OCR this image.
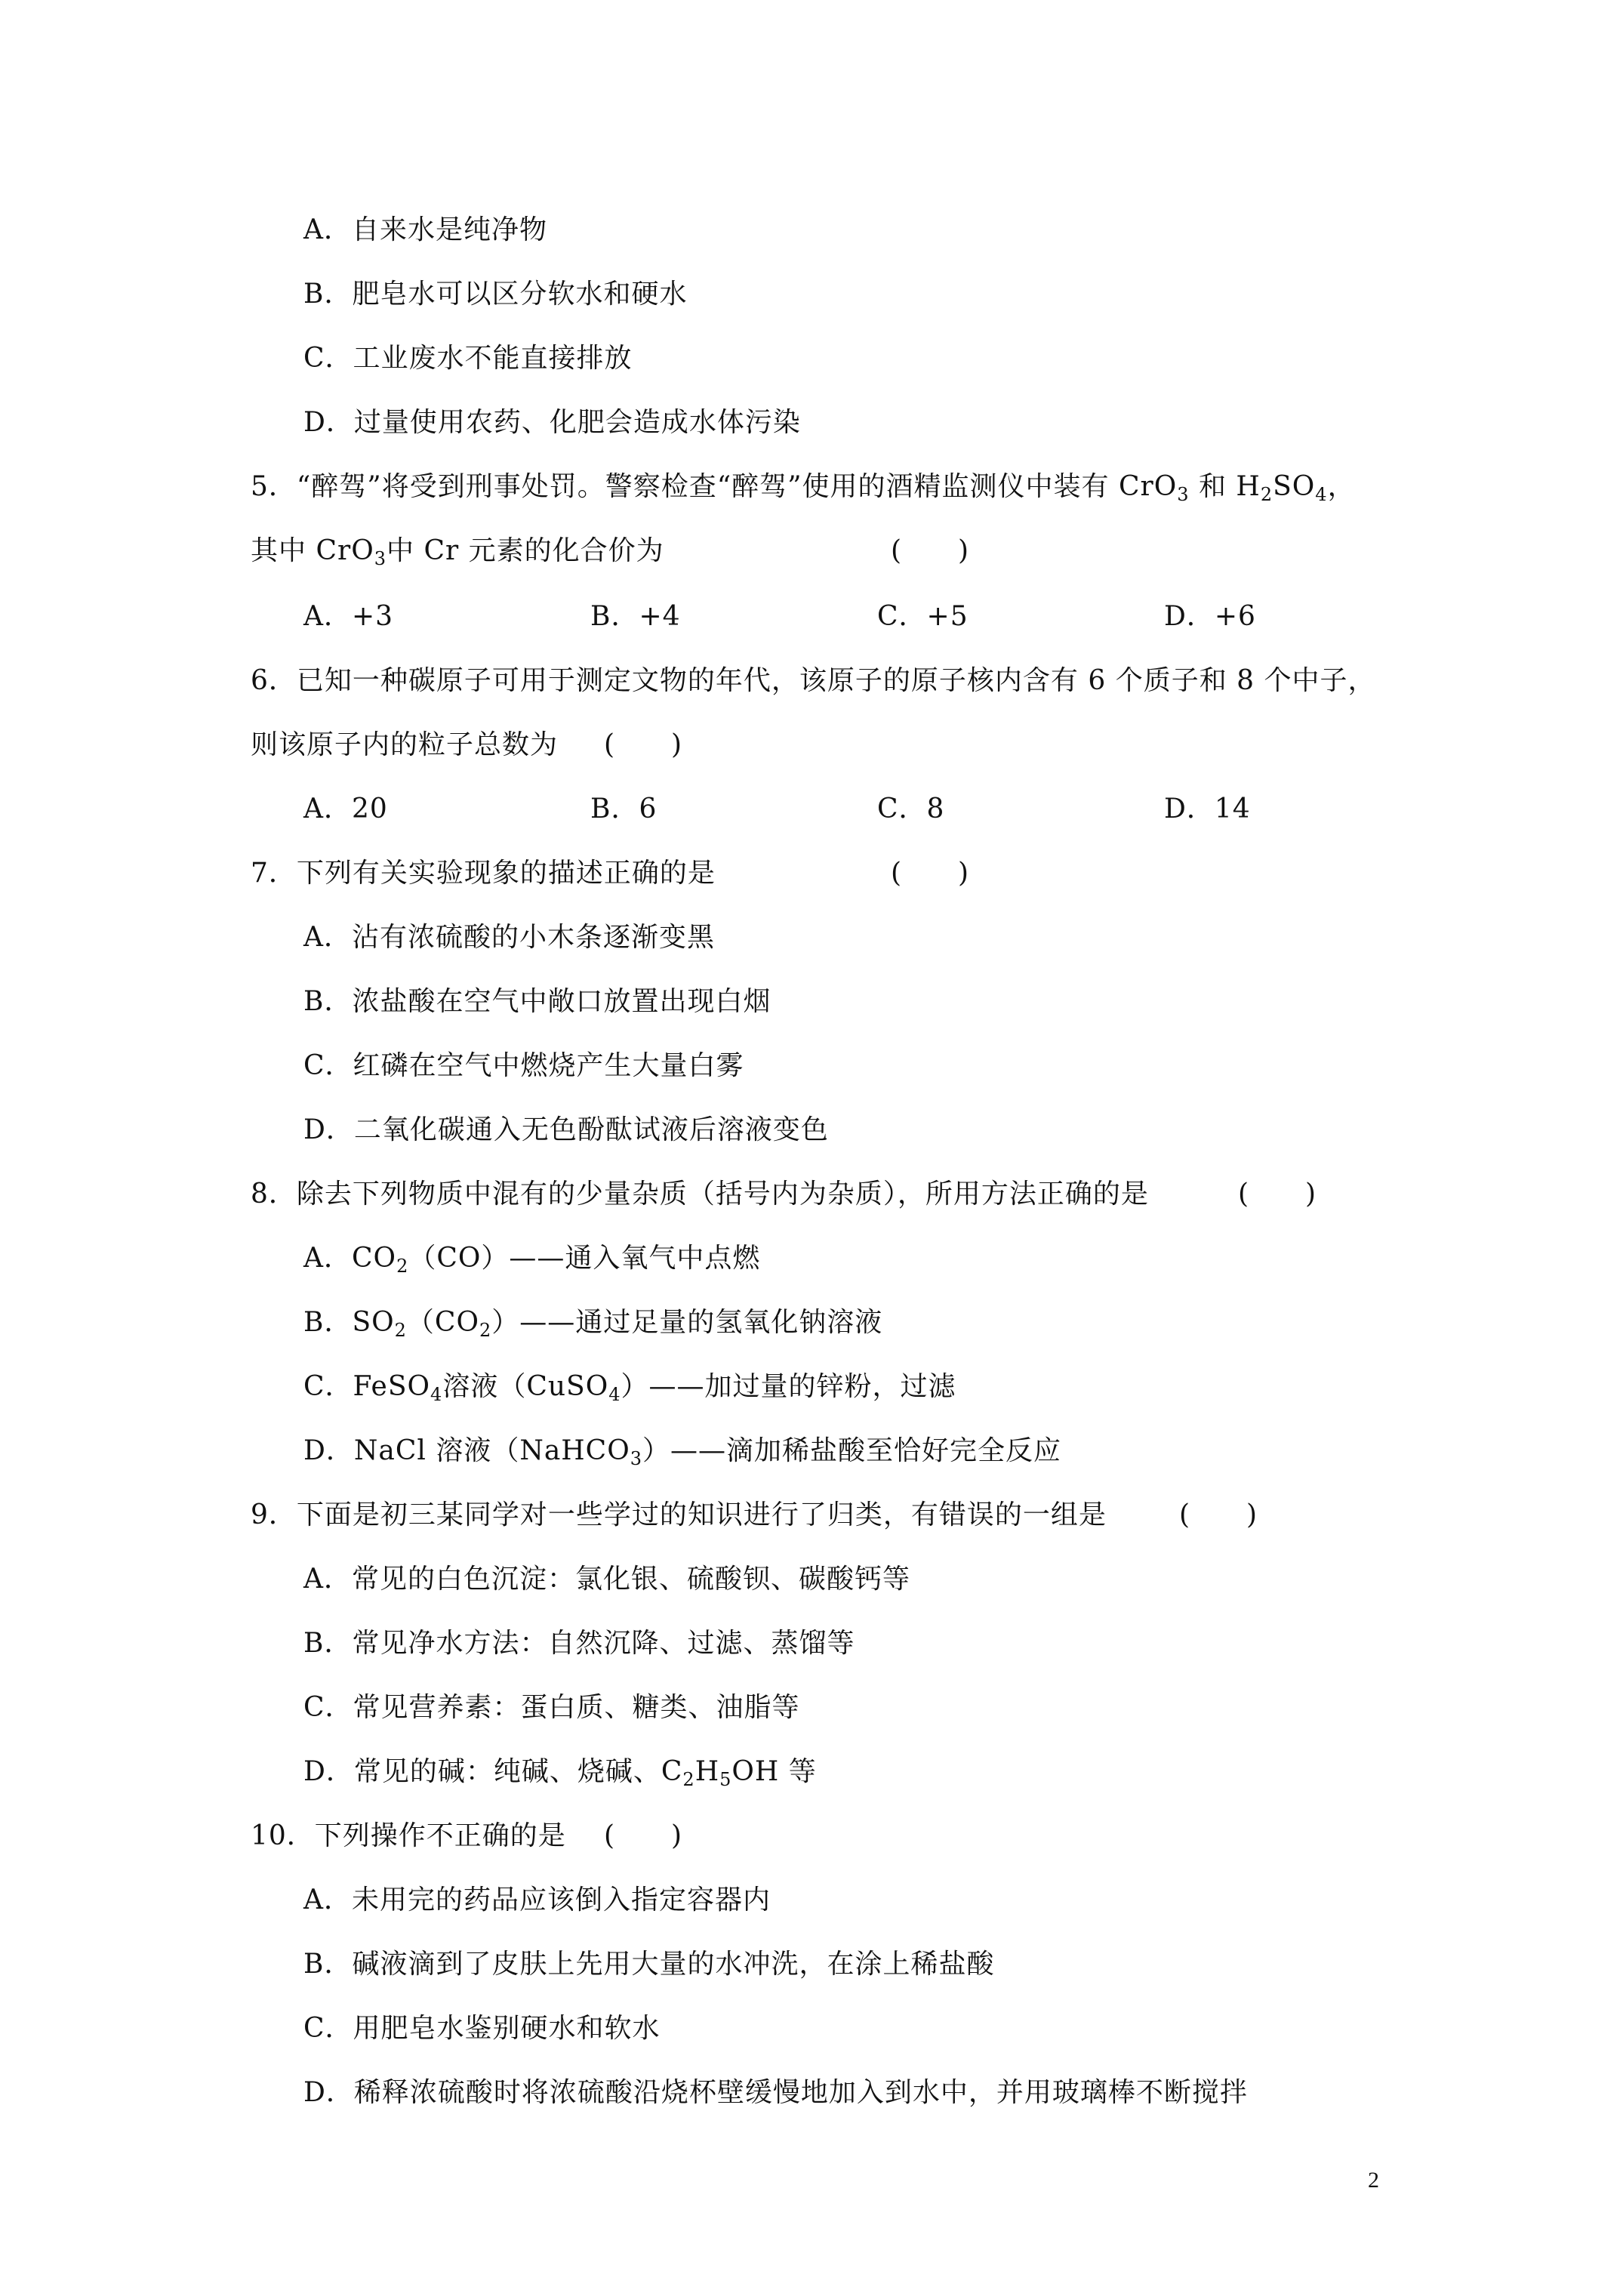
A．自来水是纯净物
B．肥皂水可以区分软水和硬水
C．工业废水不能直接排放
D．过量使用农药、化肥会造成水体污染
5．“醉驾”将受到刑事处罚。警察检查“醉驾”使用的酒精监测仪中装有 CrO$_3$ 和 $H_2SO_4$，
其中 CrO$_3$中 Cr 元素的化合价为	(　　)
A．+3	B．+4	C．+5	D．+6
6．已知一种碳原子可用于测定文物的年代，该原子的原子核内含有 6 个质子和 8 个中子，
则该原子内的粒子总数为 (　　)
A．20	B．6	C．8	D．14
7．下列有关实验现象的描述正确的是	(　　)
A．沾有浓硫酸的小木条逐渐变黑
B．浓盐酸在空气中敞口放置出现白烟
C．红磷在空气中燃烧产生大量白雾
D．二氧化碳通入无色酚酞试液后溶液变色
8．除去下列物质中混有的少量杂质（括号内为杂质），所用方法正确的是	(　　)
A．$CO_2(CO)——$通入氧气中点燃
B．$SO_2(CO_2)——$通过足量的氢氧化钠溶液
C．FeSO$_4$溶液（CuSO$_4$）——加过量的锌粉，过滤
D．NaCl 溶液（NaHCO$_3$）——滴加稀盐酸至恰好完全反应
9．下面是初三某同学对一些学过的知识进行了归类，有错误的一组是	(　　)
A．常见的白色沉淀：氯化银、硫酸钡、碳酸钙等
B．常见净水方法：自然沉降、过滤、蒸馏等
C．常见营养素：蛋白质、糖类、油脂等
D．常见的碱：纯碱、烧碱、$C_2H_5OH$ 等
10．下列操作不正确的是 (　　)
A．未用完的药品应该倒入指定容器内
B．碱液滴到了皮肤上先用大量的水冲洗，在涂上稀盐酸
C．用肥皂水鉴别硬水和软水
D．稀释浓硫酸时将浓硫酸沿烧杯壁缓慢地加入到水中，并用玻璃棒不断搅拌
2
